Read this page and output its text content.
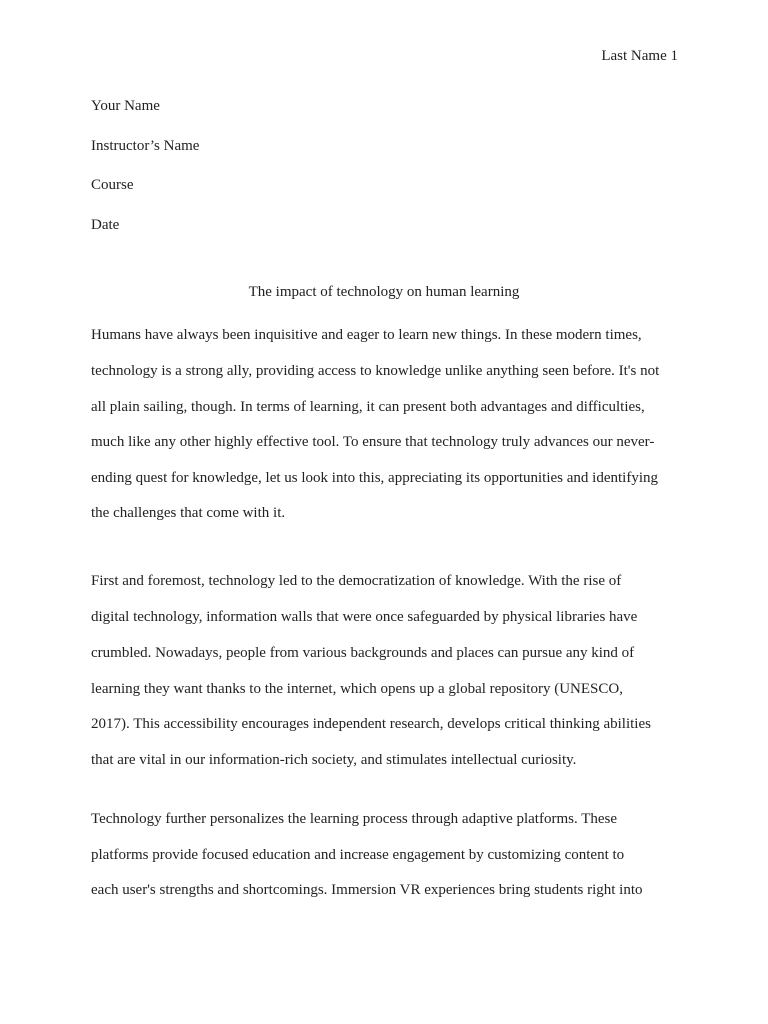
Last Name 1
Your Name
Instructor’s Name
Course
Date
The impact of technology on human learning
Humans have always been inquisitive and eager to learn new things. In these modern times,
technology is a strong ally, providing access to knowledge unlike anything seen before. It's not
all plain sailing, though. In terms of learning, it can present both advantages and difficulties,
much like any other highly effective tool. To ensure that technology truly advances our never-
ending quest for knowledge, let us look into this, appreciating its opportunities and identifying
the challenges that come with it.
First and foremost, technology led to the democratization of knowledge. With the rise of
digital technology, information walls that were once safeguarded by physical libraries have
crumbled. Nowadays, people from various backgrounds and places can pursue any kind of
learning they want thanks to the internet, which opens up a global repository (UNESCO,
2017). This accessibility encourages independent research, develops critical thinking abilities
that are vital in our information-rich society, and stimulates intellectual curiosity.
Technology further personalizes the learning process through adaptive platforms. These
platforms provide focused education and increase engagement by customizing content to
each user's strengths and shortcomings. Immersion VR experiences bring students right into
